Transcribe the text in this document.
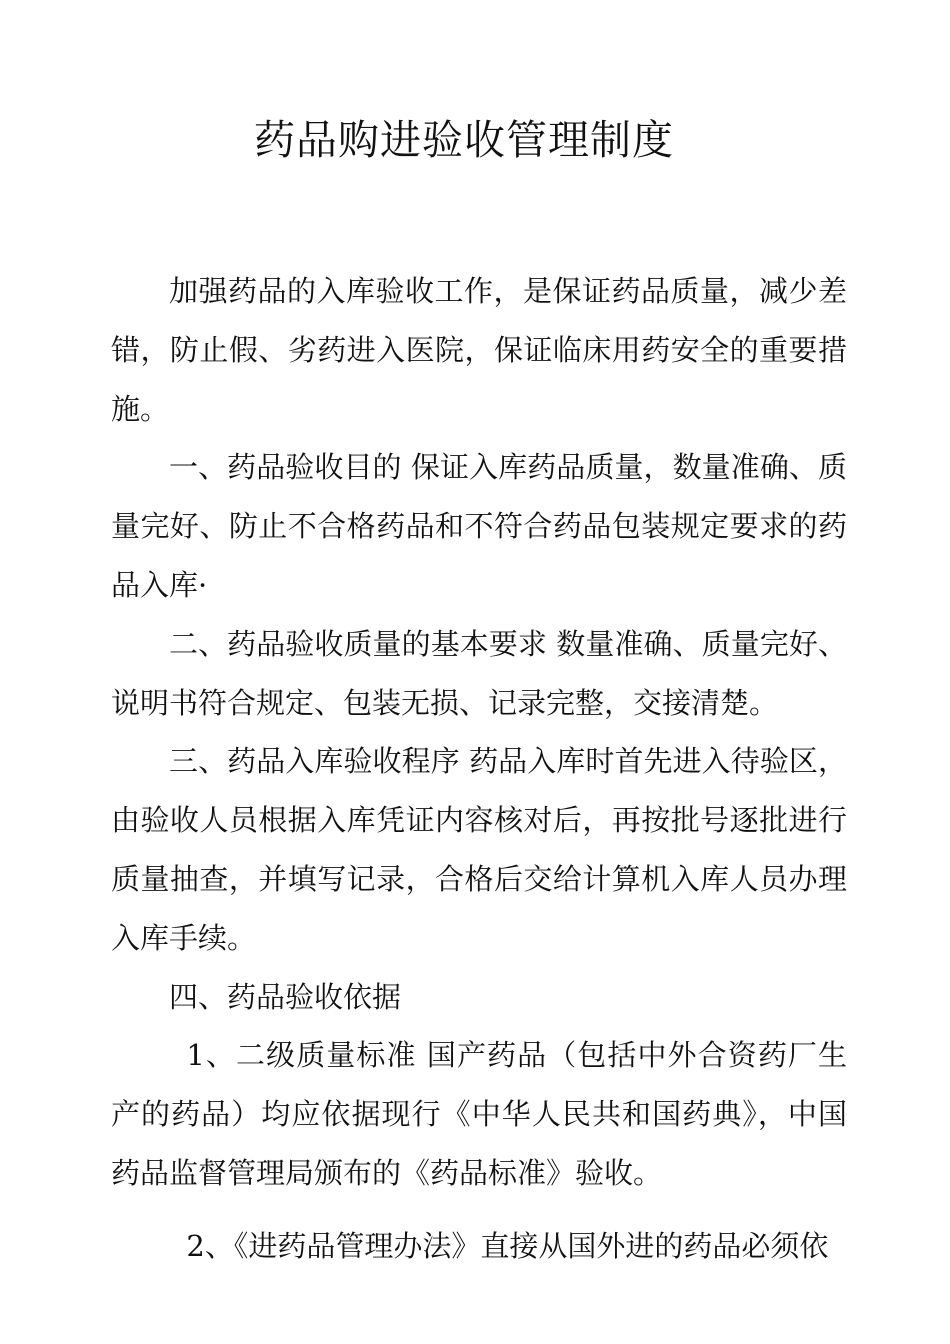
药品购进验收管理制度

加强药品的入库验收工作，是保证药品质量，减少差错，防止假、劣药进入医院，保证临床用药安全的重要措施。

一、药品验收目的 保证入库药品质量，数量准确、质量完好、防止不合格药品和不符合药品包装规定要求的药品入库·

二、药品验收质量的基本要求 数量准确、质量完好、说明书符合规定、包装无损、记录完整，交接清楚。

三、药品入库验收程序 药品入库时首先进入待验区，由验收人员根据入库凭证内容核对后，再按批号逐批进行质量抽查，并填写记录，合格后交给计算机入库人员办理入库手续。

四、药品验收依据

1、二级质量标准 国产药品（包括中外合资药厂生产的药品）均应依据现行《中华人民共和国药典》，中国药品监督管理局颁布的《药品标准》验收。

2、《进药品管理办法》直接从国外进的药品必须依
